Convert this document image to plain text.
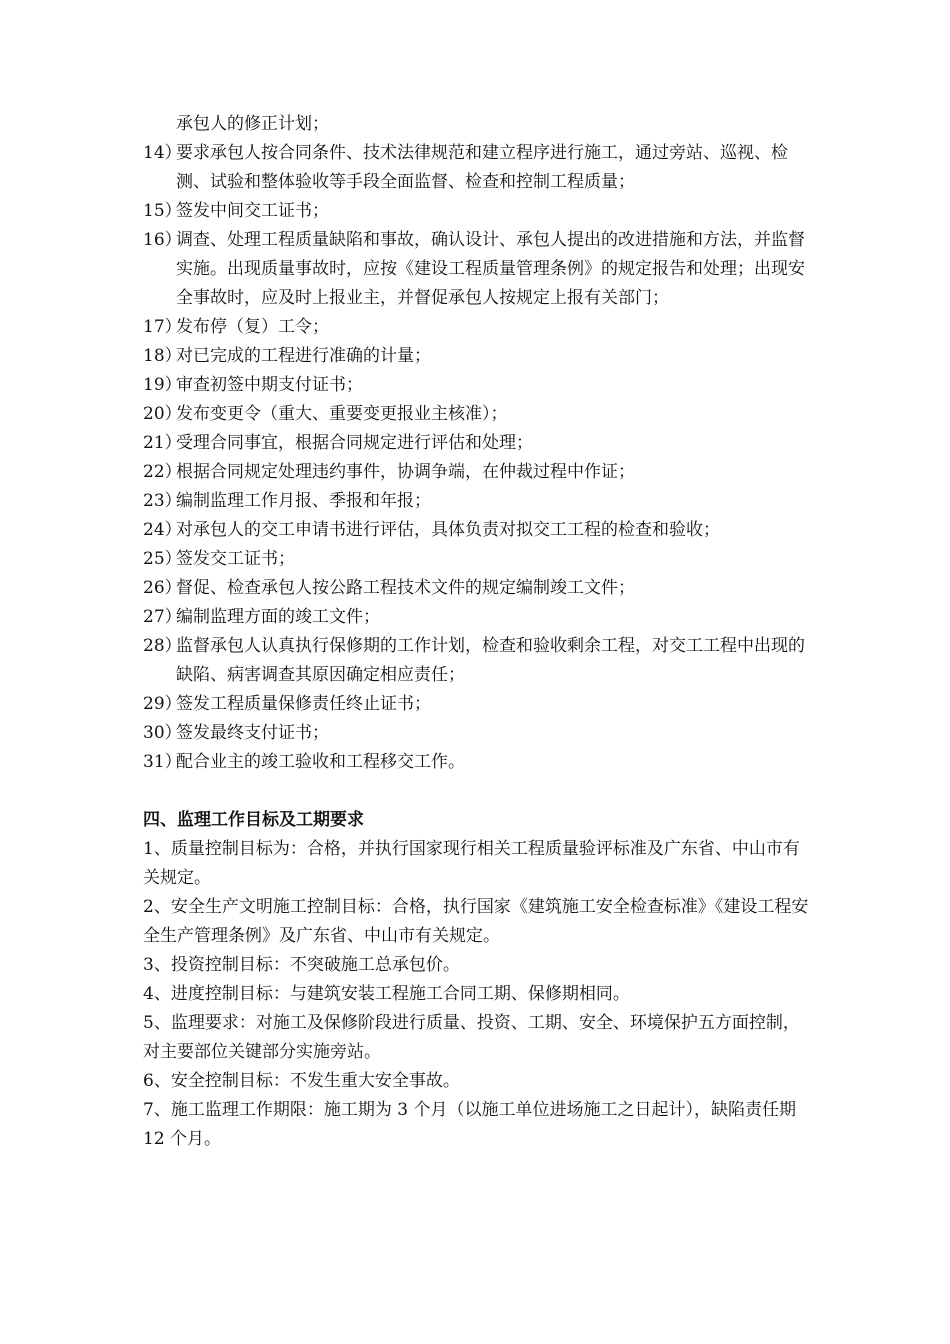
承包人的修正计划；
14）
要求承包人按合同条件、技术法律规范和建立程序进行施工，通过旁站、巡视、检测、试验和整体验收等手段全面监督、检查和控制工程质量；
15）
签发中间交工证书；
16）
调查、处理工程质量缺陷和事故，确认设计、承包人提出的改进措施和方法，并监督实施。出现质量事故时，应按《建设工程质量管理条例》的规定报告和处理；出现安全事故时，应及时上报业主，并督促承包人按规定上报有关部门；
17）
发布停（复）工令；
18）
对已完成的工程进行准确的计量；
19）
审查初签中期支付证书；
20）
发布变更令（重大、重要变更报业主核准）；
21）
受理合同事宜，根据合同规定进行评估和处理；
22）
根据合同规定处理违约事件，协调争端，在仲裁过程中作证；
23）
编制监理工作月报、季报和年报；
24）
对承包人的交工申请书进行评估，具体负责对拟交工工程的检查和验收；
25）
签发交工证书；
26）
督促、检查承包人按公路工程技术文件的规定编制竣工文件；
27）
编制监理方面的竣工文件；
28）
监督承包人认真执行保修期的工作计划，检查和验收剩余工程，对交工工程中出现的缺陷、病害调查其原因确定相应责任；
29）
签发工程质量保修责任终止证书；
30）
签发最终支付证书；
31）
配合业主的竣工验收和工程移交工作。
四、监理工作目标及工期要求
1、质量控制目标为：合格，并执行国家现行相关工程质量验评标准及广东省、中山市有关规定。
2、安全生产文明施工控制目标：合格，执行国家《建筑施工安全检查标准》《建设工程安全生产管理条例》及广东省、中山市有关规定。
3、投资控制目标：不突破施工总承包价。
4、进度控制目标：与建筑安装工程施工合同工期、保修期相同。
5、监理要求：对施工及保修阶段进行质量、投资、工期、安全、环境保护五方面控制，对主要部位关键部分实施旁站。
6、安全控制目标：不发生重大安全事故。
7、施工监理工作期限：施工期为 3 个月（以施工单位进场施工之日起计），缺陷责任期 12 个月。
